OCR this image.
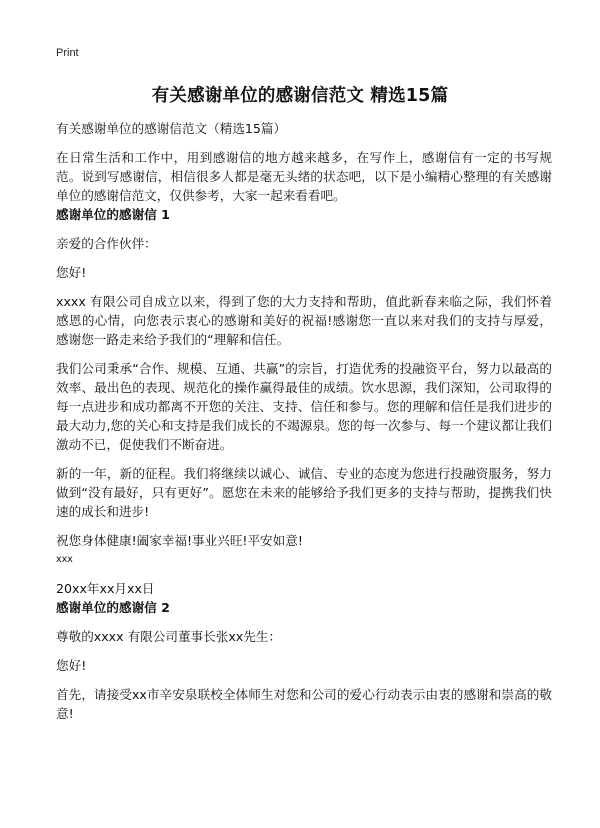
Print
有关感谢单位的感谢信范文 精选15篇

有关感谢单位的感谢信范文（精选15篇）

在日常生活和工作中，用到感谢信的地方越来越多，在写作上，感谢信有一定的书写规范。说到写感谢信，相信很多人都是毫无头绪的状态吧，以下是小编精心整理的有关感谢单位的感谢信范文，仅供参考，大家一起来看看吧。

感谢单位的感谢信 1

亲爱的合作伙伴：

您好!

xxxx 有限公司自成立以来，得到了您的大力支持和帮助，值此新春来临之际，我们怀着感恩的心情，向您表示衷心的感谢和美好的祝福!感谢您一直以来对我们的支持与厚爱，感谢您一路走来给予我们的“理解和信任。

我们公司秉承“合作、规模、互通、共赢”的宗旨，打造优秀的投融资平台，努力以最高的效率、最出色的表现、规范化的操作赢得最佳的成绩。饮水思源，我们深知，公司取得的每一点进步和成功都离不开您的关注、支持、信任和参与。您的理解和信任是我们进步的最大动力,您的关心和支持是我们成长的不竭源泉。您的每一次参与、每一个建议都让我们激动不已，促使我们不断奋进。

新的一年，新的征程。我们将继续以诚心、诚信、专业的态度为您进行投融资服务，努力做到“没有最好，只有更好”。愿您在未来的能够给予我们更多的支持与帮助，提携我们快速的成长和进步!

祝您身体健康!阖家幸福!事业兴旺!平安如意!

xxx

20xx年xx月xx日

感谢单位的感谢信 2

尊敬的xxxx 有限公司董事长张xx先生：

您好!

首先，请接受xx市辛安泉联校全体师生对您和公司的爱心行动表示由衷的感谢和崇高的敬意!
